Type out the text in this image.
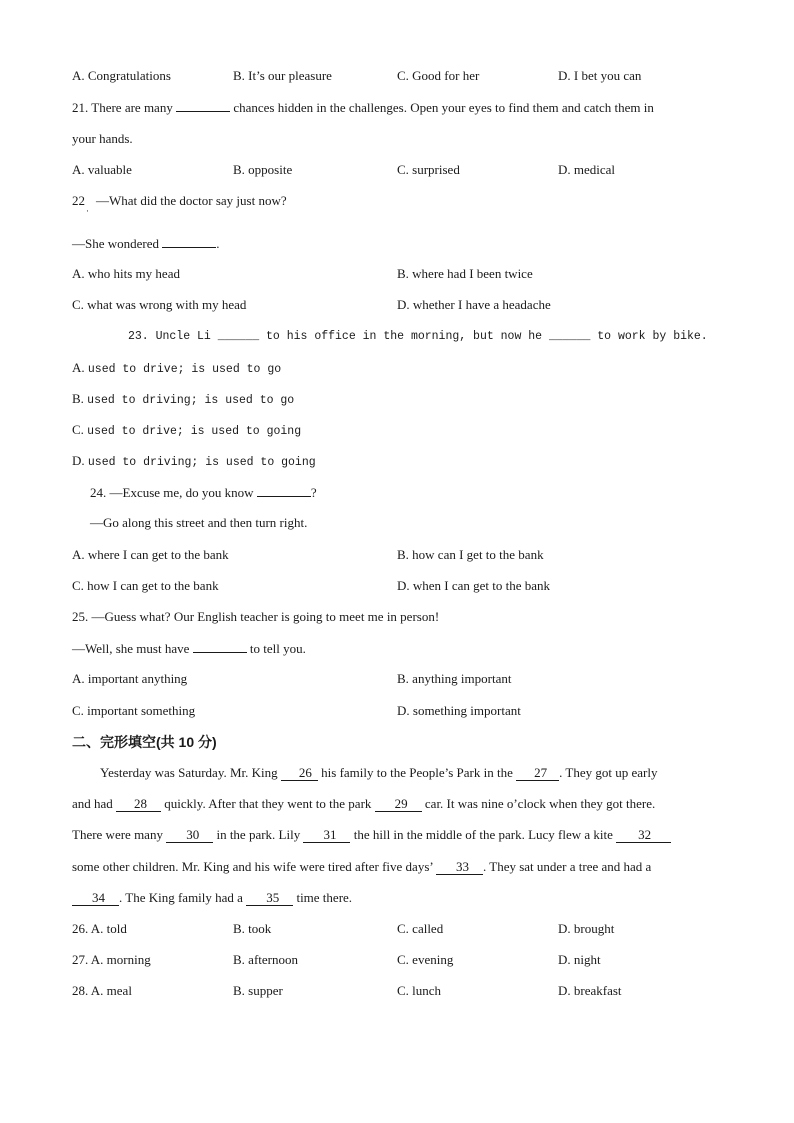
A. Congratulations	B. It’s our pleasure	C. Good for her	D. I bet you can
21. There are many	chances hidden in the challenges. Open your eyes to find them and catch them in
your hands.
A. valuable	B. opposite	C. surprised	D. medical
22
·
—What did the doctor say just now?
—She wondered	.
A. who hits my head	B. where had I been twice
C. what was wrong with my head	D. whether I have a headache
23. Uncle Li ______ to his office in the morning, but now he ______ to work by bike.
A. used to drive; is used to go
B. used to driving; is used to go
C. used to drive; is used to going
D. used to driving; is used to going
24. —Excuse me, do you know	?
—Go along this street and then turn right.
A. where I can get to the bank	B. how can I get to the bank
C. how I can get to the bank	D. when I can get to the bank
25. —Guess what? Our English teacher is going to meet me in person!
—Well, she must have	to tell you.
A. important anything	B. anything important
C. important something	D. something important
二、完形填空(共 10 分)
Yesterday was Saturday. Mr. King 26 his family to the People’s Park in the 27 . They got up early
and had 28 quickly. After that they went to the park 29 car. It was nine o’clock when they got there.
There were many 30 in the park. Lily 31 the hill in the middle of the park. Lucy flew a kite 32
some other children. Mr. King and his wife were tired after five days’ 33 . They sat under a tree and had a
34 . The King family had a 35 time there.
26. A. told	B. took	C. called	D. brought
27. A. morning	B. afternoon	C. evening	D. night
28. A. meal	B. supper	C. lunch	D. breakfast
